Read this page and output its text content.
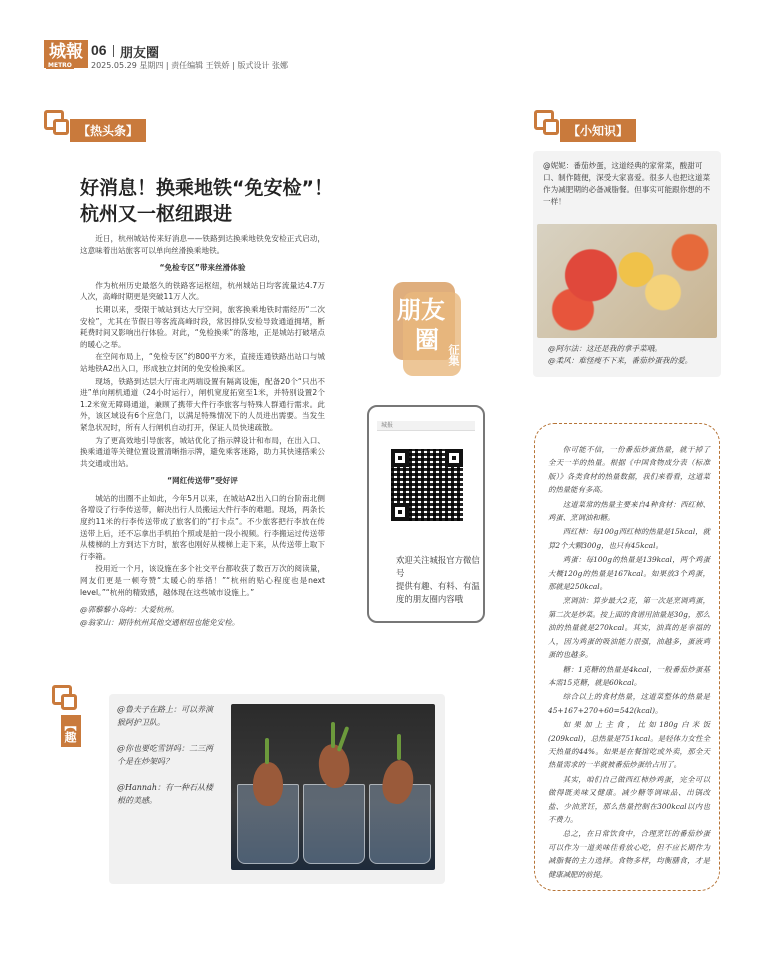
城報
METRO
06 朋友圈
2025.05.29 星期四 | 责任编辑 王铁娇 | 版式设计 张娜
【热头条】	【小知识】
好消息！换乘地铁“免安检”！
杭州又一枢纽跟进

近日，杭州城站传来好消息——铁路到达换乘地铁免安检正式启动，这意味着出站旅客可以单向丝滑换乘地铁。

“免检专区”带来丝滑体验

作为杭州历史最悠久的铁路客运枢纽，杭州城站日均客流量达4.7万人次，高峰时期更是突破11万人次。

长期以来，受限于城站到达大厅空间，旅客换乘地铁时需经历“二次安检”，尤其在节假日等客流高峰时段，常因排队安检导致通道拥堵，断耗费时间又影响出行体验。对此，“免检换乘”的落地，正是城站打破堵点的暖心之举。

在空间布局上，“免检专区”约800平方米，直接连通铁路出站口与城站地铁A2出入口，形成独立封闭的免安检换乘区。

现场，铁路到达层大厅南北两端设置有隔离设施，配备20个“只出不进”单向闸机通道（24小时运行），闸机宽度拓宽至1米，并特别设置2个1.2米宽无障碍通道，兼顾了携带大件行李旅客与特殊人群通行需求。此外，该区域设有6个应急门，以满足特殊情况下的人员进出需要。当发生紧急状况时，所有人行闸机自动打开，保证人员快速疏散。

为了更高效地引导旅客，城站优化了指示牌设计和布局，在出入口、换乘通道等关键位置设置清晰指示牌，避免乘客迷路，助力其快速搭乘公共交通或出站。

“网红传送带”受好评

城站的出圈不止如此，今年5月以来，在城站A2出入口的台阶南北侧各增设了行李传送带，解决出行人员搬运大件行李的难题。现场，两条长度约11米的行李传送带成了旅客们的“打卡点”。不少旅客把行李放在传送带上后，还不忘拿出手机拍个照或是拍一段小视频。行李搬运过传送带从楼梯的上方到达下方时，旅客也刚好从楼梯上走下来，从传送带上取下行李箱。

投用近一个月，该设施在多个社交平台都收获了数百万次的阅读量，网友们更是一顿夸赞“太暖心的举措！”“杭州的贴心程度也是next level。”“杭州的精致感，越体现在这些城市设施上。”

@郭藜藜小岛屿：大爱杭州。

@翁家山：期待杭州其他交通枢纽也能免安检。

朋友
圈
征集
城报
欢迎关注城报官方微信号
提供有趣、有料、有温度的朋友圈内容哦
@妮妮：番茄炒蛋，这道经典的家常菜，酸甜可口、制作随便，深受大家喜爱。很多人也把这道菜作为减肥期的必备减脂餐。但事实可能跟你想的不一样！
@阿尔法：这还是我的拿手菜哦。
@柔风：难怪瘦不下来，番茄炒蛋我的爱。

你可能不信，一份番茄炒蛋热量，就干掉了全天一半的热量。根据《中国食物成分表（标准版）》各类食材的热量数据，我们来看看，这道菜的热量能有多高。

这道菜常的热量主要来自4种食材：西红柿、鸡蛋、烹调油和糖。

西红柿：每100g西红柿的热量是15kcal，就算2个大颗300g，也只有45kcal。

鸡蛋：每100g的热量是139kcal，两个鸡蛋大概120g的热量是167kcal。如果放3个鸡蛋，那就是250kcal。

烹调油：算步最大2克，第一次是烹调鸡蛋，第二次是炒菜。按上面的食谱用油量是30g，那么油的热量就是270kcal。其实，油真的是幸福的人，因为鸡蛋的吸油能力很强，油越多，蛋液鸡蛋的也越多。

糖：1克糖的热量是4kcal，一般番茄炒蛋基本需15克糖，就是60kcal。

综合以上的食材热量，这道菜整体的热量是45+167+270+60=542(kcal)。

如果加上主食，比如180g白米饭(209kcal)，总热量是751kcal。是轻体力女性全天热量的44%。如果是在餐馆吃或外卖，那全天热量需求的一半就被番茄炒蛋给占用了。

其实，咱们自己做西红柿炒鸡蛋，完全可以做得既美味又健康。减少糖等调味品、出锅改盐、少油烹饪，那么热量控制在300kcal以内也不费力。

总之，在日常饮食中，合理烹饪的番茄炒蛋可以作为一道美味佳肴放心吃，但不应长期作为减脂餐的主力选择。食物多样，均衡膳食，才是健康减肥的前提。

【趣日常】

@鲁夫子在路上：可以养演猴阿护卫队。

@你也要吃雪饼吗：二三两个是在炒架吗？

@Hannah：有一种石从楼根的美感。
